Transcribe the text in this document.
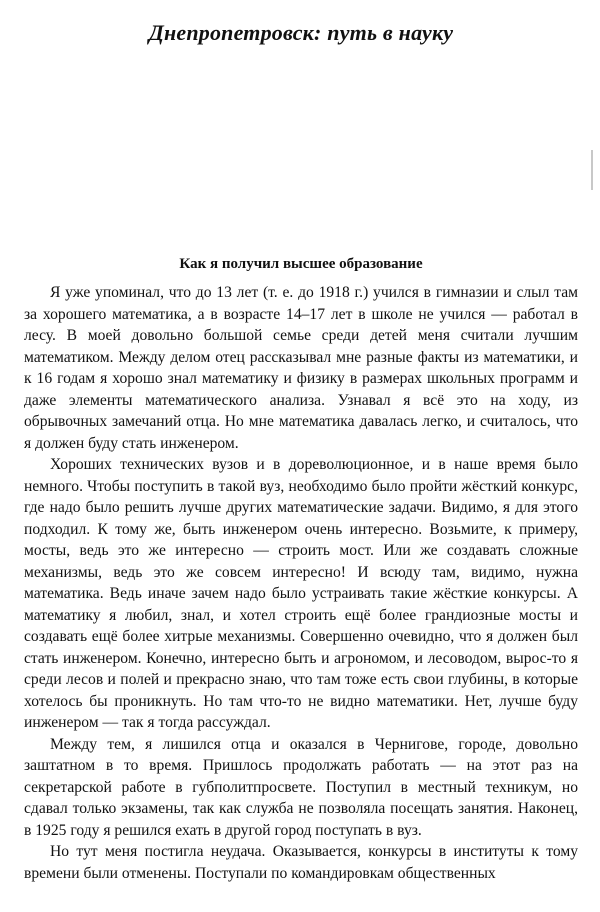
Днепропетровск: путь в науку
Как я получил высшее образование

Я уже упоминал, что до 13 лет (т. е. до 1918 г.) учился в гимназии и слыл там за хорошего математика, а в возрасте 14–17 лет в школе не учился — работал в лесу. В моей довольно большой семье среди детей меня считали лучшим математиком. Между делом отец рассказывал мне разные факты из математики, и к 16 годам я хорошо знал математику и физику в размерах школьных программ и даже элементы математического анализа. Узнавал я всё это на ходу, из обрывочных замечаний отца. Но мне математика давалась легко, и считалось, что я должен буду стать инженером.

Хороших технических вузов и в дореволюционное, и в наше время было немного. Чтобы поступить в такой вуз, необходимо было пройти жёсткий конкурс, где надо было решить лучше других математические задачи. Видимо, я для этого подходил. К тому же, быть инженером очень интересно. Возьмите, к примеру, мосты, ведь это же интересно — строить мост. Или же создавать сложные механизмы, ведь это же совсем интересно! И всюду там, видимо, нужна математика. Ведь иначе зачем надо было устраивать такие жёсткие конкурсы. А математику я любил, знал, и хотел строить ещё более грандиозные мосты и создавать ещё более хитрые механизмы. Совершенно очевидно, что я должен был стать инженером. Конечно, интересно быть и агрономом, и лесоводом, вырос-то я среди лесов и полей и прекрасно знаю, что там тоже есть свои глубины, в которые хотелось бы проникнуть. Но там что-то не видно математики. Нет, лучше буду инженером — так я тогда рассуждал.

Между тем, я лишился отца и оказался в Чернигове, городе, довольно заштатном в то время. Пришлось продолжать работать — на этот раз на секретарской работе в губполитпросвете. Поступил в местный техникум, но сдавал только экзамены, так как служба не позволяла посещать занятия. Наконец, в 1925 году я решился ехать в другой город поступать в вуз.

Но тут меня постигла неудача. Оказывается, конкурсы в институты к тому времени были отменены. Поступали по командировкам общественных
